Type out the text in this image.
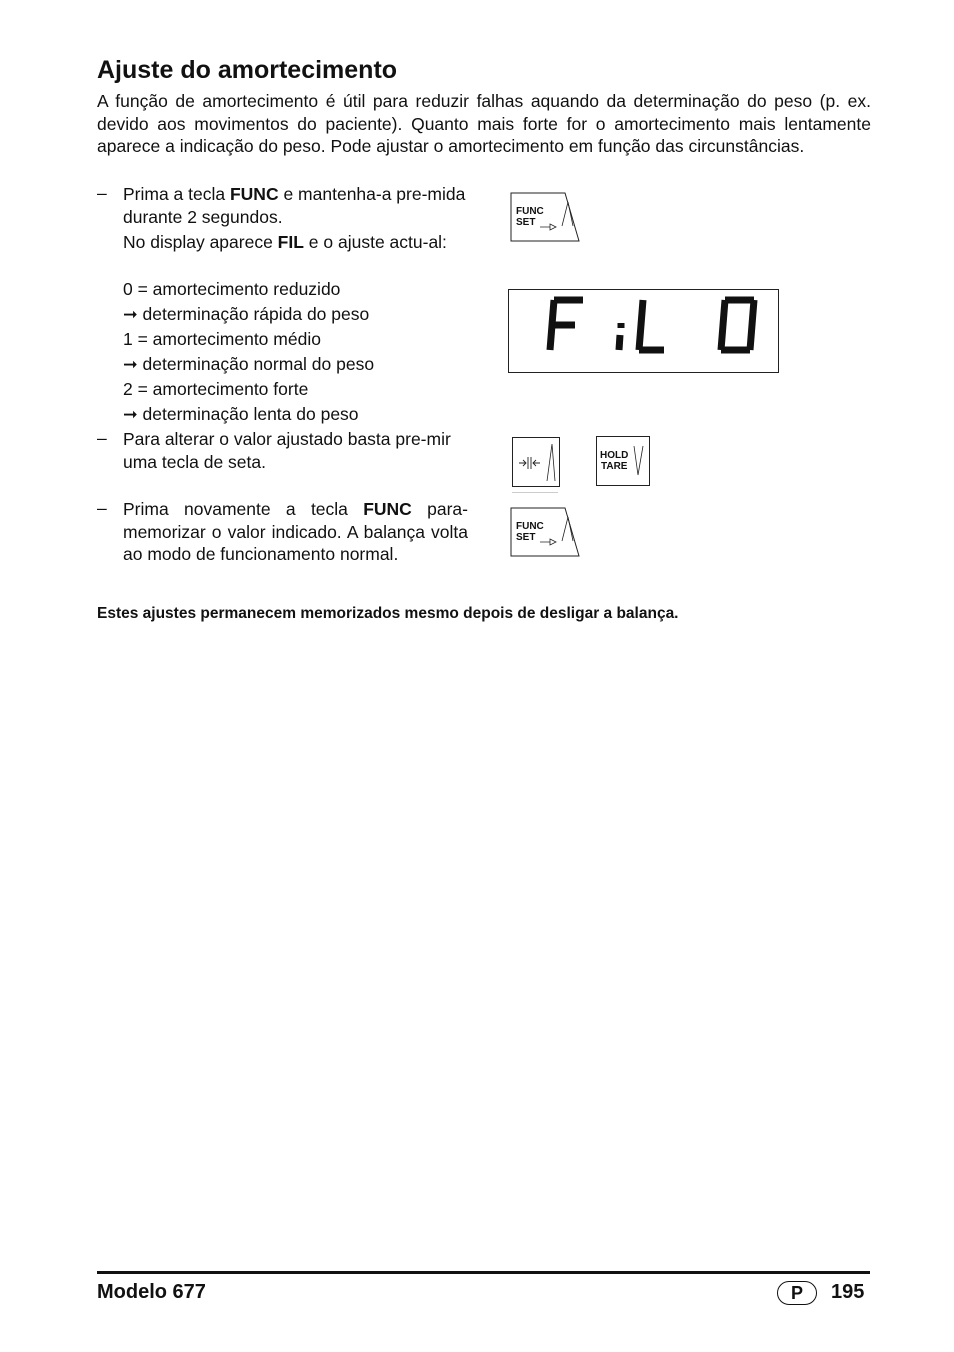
Ajuste do amortecimento
A função de amortecimento é útil para reduzir falhas aquando da determinação do peso (p. ex. devido aos movimentos do paciente). Quanto mais forte for o amortecimento mais lentamente aparece a indicação do peso. Pode ajustar o amortecimento em função das circunstâncias.
– Prima a tecla FUNC e mantenha-a pre-mida durante 2 segundos.
No display aparece FIL e o ajuste actu-al:
0 = amortecimento reduzido
➞ determinação rápida do peso
1 = amortecimento médio
➞ determinação normal do peso
2 = amortecimento forte
➞ determinação lenta do peso
– Para alterar o valor ajustado basta pre-mir uma tecla de seta.
– Prima novamente a tecla FUNC para-memorizar o valor indicado. A balança volta ao modo de funcionamento normal.
FUNC
SET
HOLD
TARE
FUNC
SET
Estes ajustes permanecem memorizados mesmo depois de desligar a balança.
Modelo 677	P	195
